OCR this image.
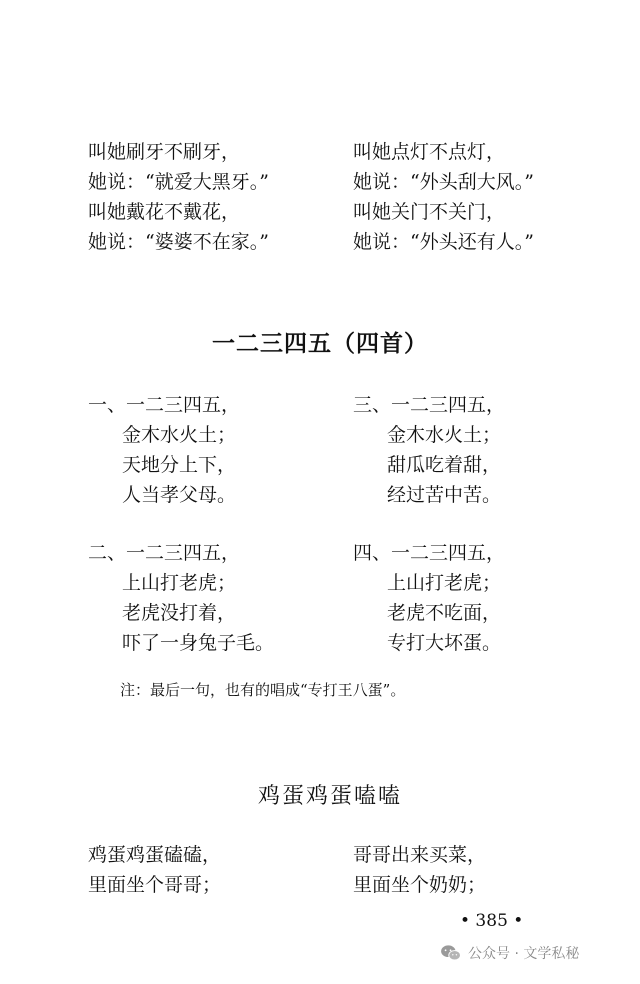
叫她刷牙不刷牙，
她说：“就爱大黑牙。”
叫她戴花不戴花，
她说：“婆婆不在家。”
叫她点灯不点灯，
她说：“外头刮大风。”
叫她关门不关门，
她说：“外头还有人。”
一二三四五（四首）
一、一二三四五，
金木水火土；
天地分上下，
人当孝父母。
三、一二三四五，
金木水火土；
甜瓜吃着甜，
经过苦中苦。
二、一二三四五，
上山打老虎；
老虎没打着，
吓了一身兔子毛。
四、一二三四五，
上山打老虎；
老虎不吃面，
专打大坏蛋。
注：最后一句，也有的唱成“专打王八蛋”。
鸡蛋鸡蛋嗑嗑
鸡蛋鸡蛋磕磕，
里面坐个哥哥；
哥哥出来买菜，
里面坐个奶奶；
• 385 •
公众号 · 文学私秘
